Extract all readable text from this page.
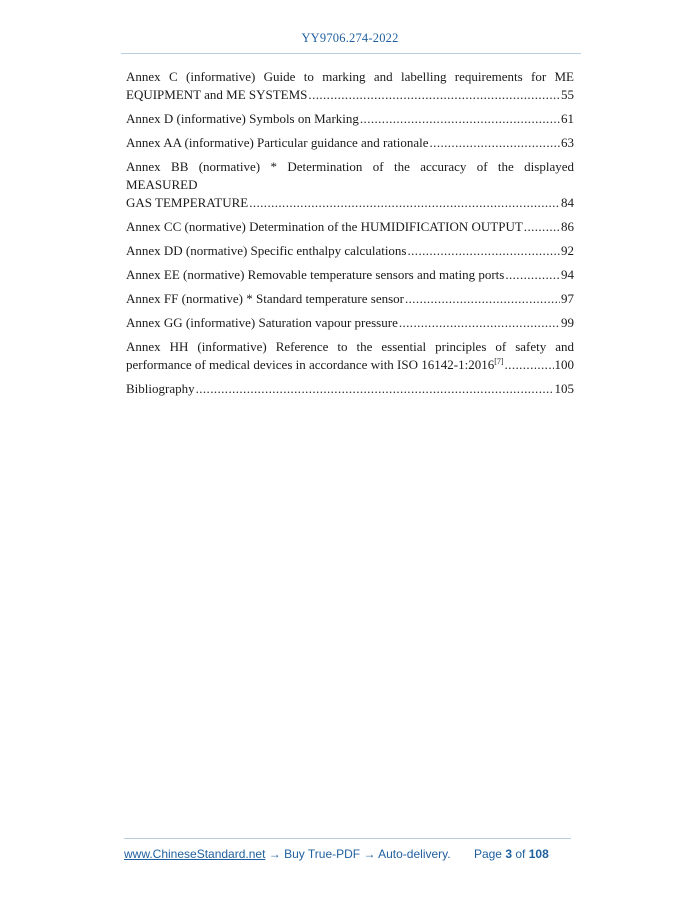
YY9706.274-2022
Annex C (informative) Guide to marking and labelling requirements for ME
EQUIPMENT and ME SYSTEMS .....	55
Annex D (informative) Symbols on Marking .....	61
Annex AA (informative) Particular guidance and rationale .....	63
Annex BB (normative) * Determination of the accuracy of the displayed MEASURED
GAS TEMPERATURE .....	84
Annex CC (normative) Determination of the HUMIDIFICATION OUTPUT .....	86
Annex DD (normative) Specific enthalpy calculations .....	92
Annex EE (normative) Removable temperature sensors and mating ports .....	94
Annex FF (normative) * Standard temperature sensor .....	97
Annex GG (informative) Saturation vapour pressure .....	99
Annex HH (informative) Reference to the essential principles of safety and
performance of medical devices in accordance with ISO 16142-1:2016[7] .....	100
Bibliography .....	105
www.ChineseStandard.net → Buy True-PDF → Auto-delivery. Page 3 of 108
